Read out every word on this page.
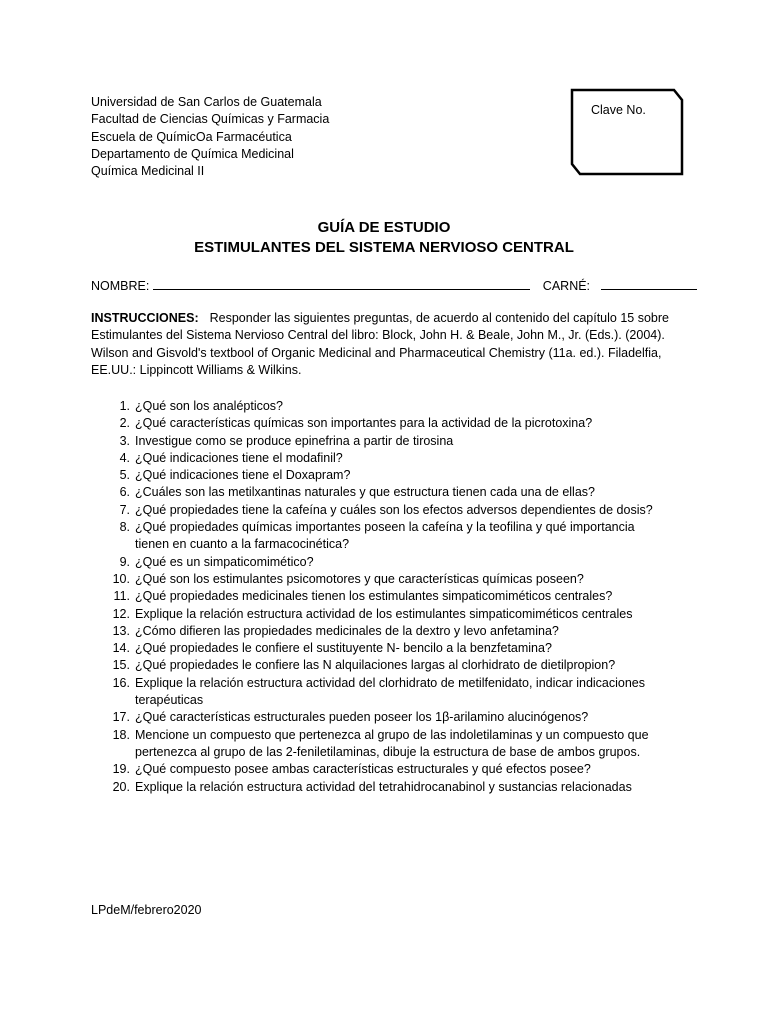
Universidad de San Carlos de Guatemala
Facultad de Ciencias Químicas y Farmacia
Escuela de QuímicOa Farmacéutica
Departamento de Química Medicinal
Química Medicinal II
Clave No.
GUÍA DE ESTUDIO
ESTIMULANTES DEL SISTEMA NERVIOSO CENTRAL
NOMBRE:	CARNÉ:
INSTRUCCIONES: Responder las siguientes preguntas, de acuerdo al contenido del capítulo 15 sobre
Estimulantes del Sistema Nervioso Central del libro: Block, John H. & Beale, John M., Jr. (Eds.). (2004).
Wilson and Gisvold's textbool of Organic Medicinal and Pharmaceutical Chemistry (11a. ed.). Filadelfia,
EE.UU.: Lippincott Williams & Wilkins.
1. ¿Qué son los analépticos?
2. ¿Qué características químicas son importantes para la actividad de la picrotoxina?
3. Investigue como se produce epinefrina a partir de tirosina
4. ¿Qué indicaciones tiene el modafinil?
5. ¿Qué indicaciones tiene el Doxapram?
6. ¿Cuáles son las metilxantinas naturales y que estructura tienen cada una de ellas?
7. ¿Qué propiedades tiene la cafeína y cuáles son los efectos adversos dependientes de dosis?
8. ¿Qué propiedades químicas importantes poseen la cafeína y la teofilina y qué importancia
tienen en cuanto a la farmacocinética?
9. ¿Qué es un simpaticomimético?
10. ¿Qué son los estimulantes psicomotores y que características químicas poseen?
11. ¿Qué propiedades medicinales tienen los estimulantes simpaticomiméticos centrales?
12. Explique la relación estructura actividad de los estimulantes simpaticomiméticos centrales
13. ¿Cómo difieren las propiedades medicinales de la dextro y levo anfetamina?
14. ¿Qué propiedades le confiere el sustituyente N- bencilo a la benzfetamina?
15. ¿Qué propiedades le confiere las N alquilaciones largas al clorhidrato de dietilpropion?
16. Explique la relación estructura actividad del clorhidrato de metilfenidato, indicar indicaciones
terapéuticas
17. ¿Qué características estructurales pueden poseer los 1β-arilamino alucinógenos?
18. Mencione un compuesto que pertenezca al grupo de las indoletilaminas y un compuesto que
pertenezca al grupo de las 2-feniletilaminas, dibuje la estructura de base de ambos grupos.
19. ¿Qué compuesto posee ambas características estructurales y qué efectos posee?
20. Explique la relación estructura actividad del tetrahidrocanabinol y sustancias relacionadas
LPdeM/febrero2020
